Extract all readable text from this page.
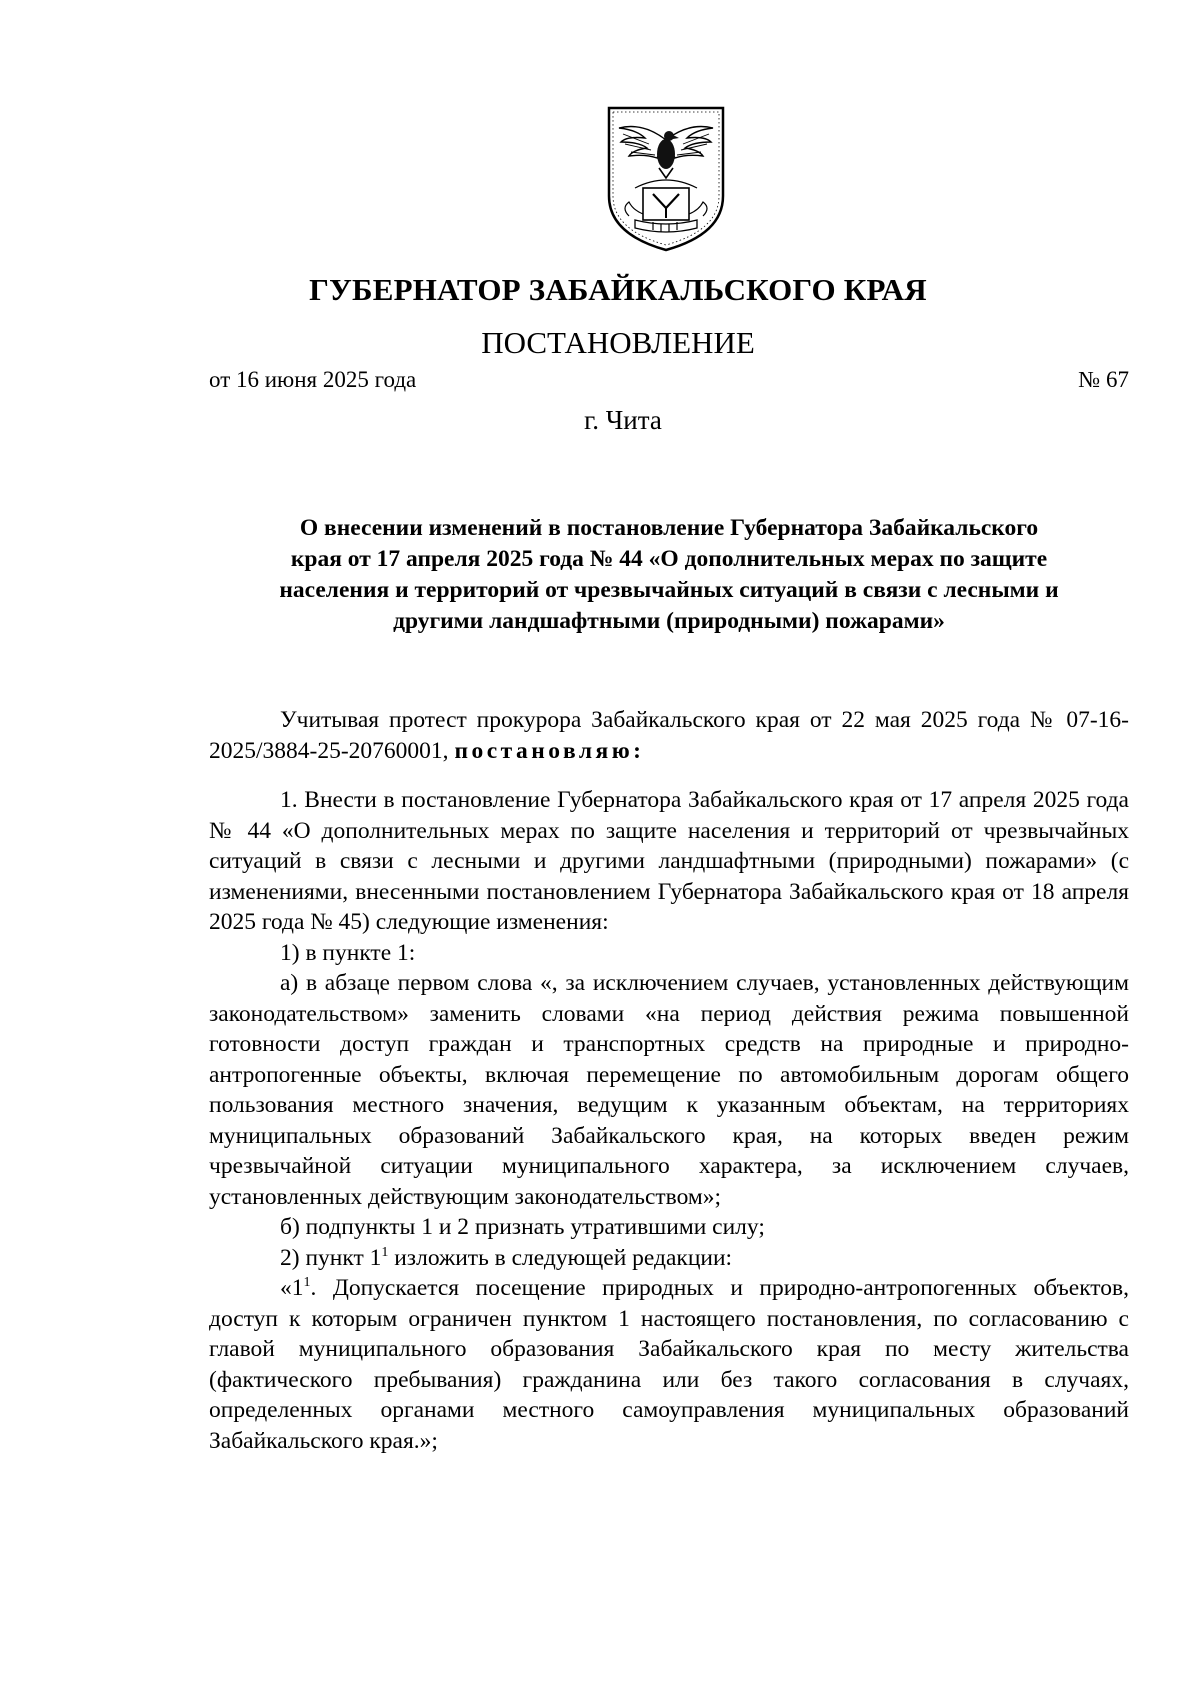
ГУБЕРНАТОР ЗАБАЙКАЛЬСКОГО КРАЯ
ПОСТАНОВЛЕНИЕ
от 16 июня 2025 года	№ 67
г. Чита
О внесении изменений в постановление Губернатора Забайкальского
края от 17 апреля 2025 года № 44 «О дополнительных мерах по защите
населения и территорий от чрезвычайных ситуаций в связи с лесными и
другими ландшафтными (природными) пожарами»

Учитывая протест прокурора Забайкальского края от 22 мая 2025 года № 07-16-2025/3884-25-20760001, постановляю:

1. Внести в постановление Губернатора Забайкальского края от 17 апреля 2025 года № 44 «О дополнительных мерах по защите населения и территорий от чрезвычайных ситуаций в связи с лесными и другими ландшафтными (природными) пожарами» (с изменениями, внесенными постановлением Губернатора Забайкальского края от 18 апреля 2025 года № 45) следующие изменения:

1) в пункте 1:

а) в абзаце первом слова «, за исключением случаев, установленных действующим законодательством» заменить словами «на период действия режима повышенной готовности доступ граждан и транспортных средств на природные и природно-антропогенные объекты, включая перемещение по автомобильным дорогам общего пользования местного значения, ведущим к указанным объектам, на территориях муниципальных образований Забайкальского края, на которых введен режим чрезвычайной ситуации муниципального характера, за исключением случаев, установленных действующим законодательством»;

б) подпункты 1 и 2 признать утратившими силу;

2) пункт $1^1$ изложить в следующей редакции:

«$1^1$. Допускается посещение природных и природно-антропогенных объектов, доступ к которым ограничен пунктом 1 настоящего постановления, по согласованию с главой муниципального образования Забайкальского края по месту жительства (фактического пребывания) гражданина или без такого согласования в случаях, определенных органами местного самоуправления муниципальных образований Забайкальского края.»;
